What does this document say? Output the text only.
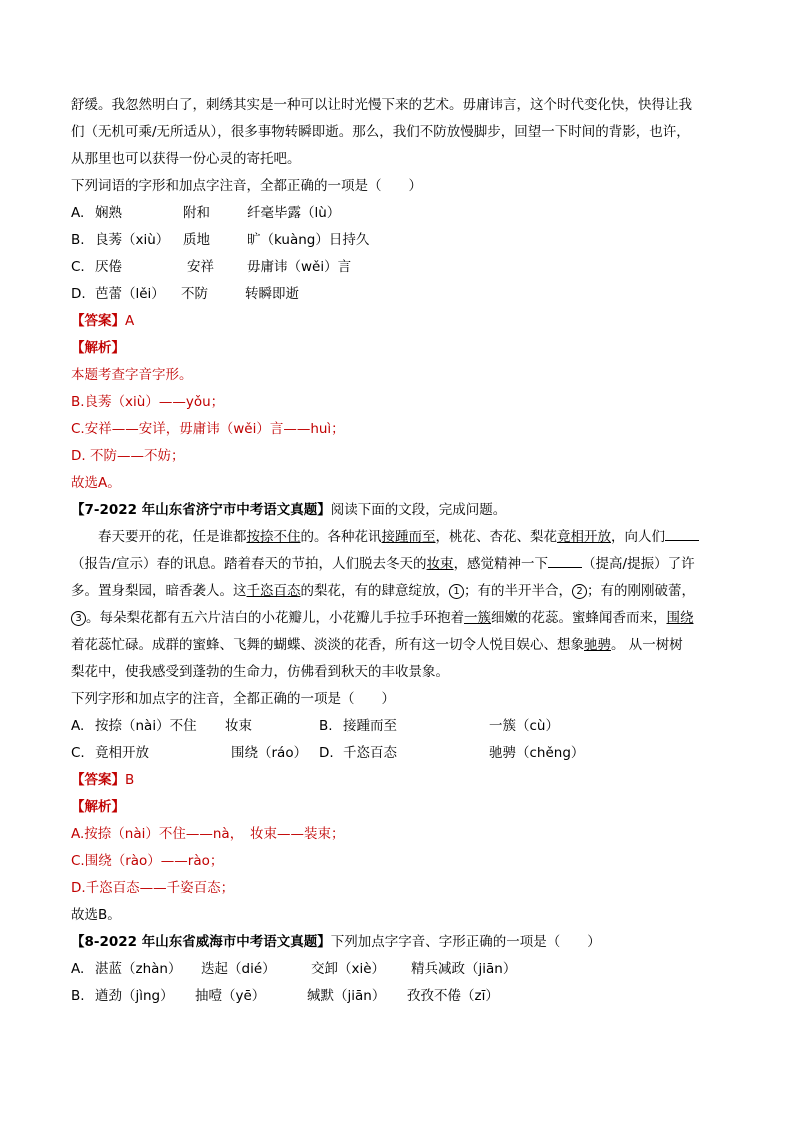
舒缓。我忽然明白了，刺绣其实是一种可以让时光慢下来的艺术。毋庸讳言，这个时代变化快，快得让我
们（无机可乘/无所适从），很多事物转瞬即逝。那么，我们不防放慢脚步，回望一下时间的背影，也许，
从那里也可以获得一份心灵的寄托吧。
下列词语的字形和加点字注音，全都正确的一项是（　　）
A. 娴熟	附和	纤毫毕露（lù）
B. 良莠（xiù） 质地	旷（kuàng）日持久
C. 厌倦	安祥 毋庸讳（wěi）言
D. 芭蕾（lěi） 不防	转瞬即逝
【答案】A
【解析】
本题考查字音字形。
B.良莠（xiù）——yǒu；
C.安祥——安详，毋庸讳（wěi）言——huì；
D. 不防——不妨；
故选A。
【7-2022 年山东省济宁市中考语文真题】阅读下面的文段，完成问题。
春天要开的花，任是谁都按捺不住的。各种花讯接踵而至，桃花、杏花、梨花竟相开放，向人们
（报告/宣示）春的讯息。踏着春天的节拍，人们脱去冬天的妆束，感觉精神一下	（提高/提振）了许
多。置身梨园，暗香袭人。这千恣百态的梨花，有的肆意绽放， 1 ；有的半开半合， 2 ；有的刚刚破蕾，
3 。每朵梨花都有五六片洁白的小花瓣儿，小花瓣儿手拉手环抱着一簇细嫩的花蕊。蜜蜂闻香而来，围绕
着花蕊忙碌。成群的蜜蜂、飞舞的蝴蝶、淡淡的花香，所有这一切令人悦目娱心、想象驰骋。 从一树树
梨花中，使我感受到蓬勃的生命力，仿佛看到秋天的丰收景象。
下列字形和加点字的注音，全都正确的一项是（　　）
A. 按捺（nài）不住 妆束	B. 接踵而至	一簇（cù）
C. 竟相开放	围绕（ráo） D. 千恣百态	驰骋（chěng）
【答案】B
【解析】
A.按捺（nài）不住——nà，　妆束——装束；
C.围绕（rào）——rào；
D.千恣百态——千姿百态；
故选B。
【8-2022 年山东省威海市中考语文真题】下列加点字字音、字形正确的一项是（　　）
A. 湛蓝（zhàn） 迭起（dié）	交卸（xiè） 精兵减政（jiān）
B. 遒劲（jìng） 抽噎（yē）	缄默（jiān） 孜孜不倦（zī）
